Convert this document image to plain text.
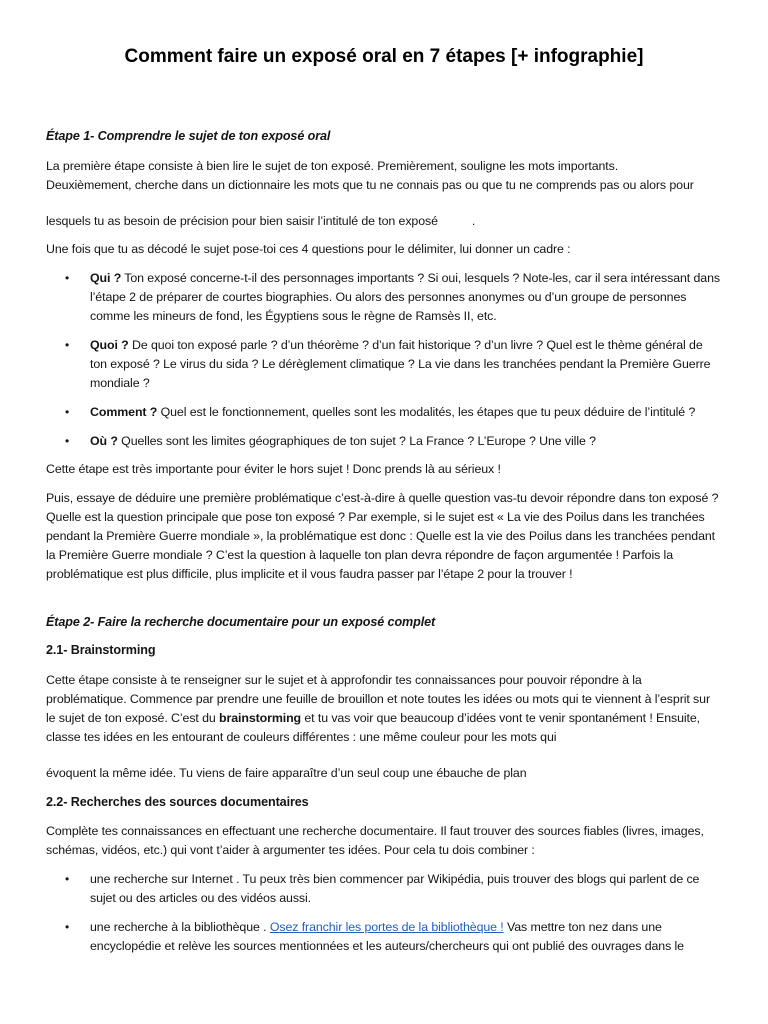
Comment faire un exposé oral en 7 étapes [+ infographie]

Étape 1- Comprendre le sujet de ton exposé oral

La première étape consiste à bien lire le sujet de ton exposé. Premièrement, souligne les mots importants.

Deuxièmement, cherche dans un dictionnaire les mots que tu ne connais pas ou que tu ne comprends pas ou alors pour

lesquels tu as besoin de précision pour bien saisir l’intitulé de ton exposé	.

Une fois que tu as décodé le sujet pose-toi ces 4 questions pour le délimiter, lui donner un cadre :

• Qui ? Ton exposé concerne-t-il des personnages importants ? Si oui, lesquels ? Note-les, car il sera intéressant dans l’étape 2 de préparer de courtes biographies. Ou alors des personnes anonymes ou d’un groupe de personnes comme les mineurs de fond, les Égyptiens sous le règne de Ramsès II, etc.
• Quoi ? De quoi ton exposé parle ? d’un théorème ? d’un fait historique ? d’un livre ? Quel est le thème général de ton exposé ? Le virus du sida ? Le dérèglement climatique ? La vie dans les tranchées pendant la Première Guerre mondiale ?
• Comment ? Quel est le fonctionnement, quelles sont les modalités, les étapes que tu peux déduire de l’intitulé ?
• Où ? Quelles sont les limites géographiques de ton sujet ? La France ? L’Europe ? Une ville ?

Cette étape est très importante pour éviter le hors sujet ! Donc prends là au sérieux !

Puis, essaye de déduire une première problématique c’est-à-dire à quelle question vas-tu devoir répondre dans ton exposé ? Quelle est la question principale que pose ton exposé ? Par exemple, si le sujet est « La vie des Poilus dans les tranchées pendant la Première Guerre mondiale », la problématique est donc : Quelle est la vie des Poilus dans les tranchées pendant la Première Guerre mondiale ? C’est la question à laquelle ton plan devra répondre de façon argumentée ! Parfois la problématique est plus difficile, plus implicite et il vous faudra passer par l’étape 2 pour la trouver !

Étape 2- Faire la recherche documentaire pour un exposé complet

2.1- Brainstorming

Cette étape consiste à te renseigner sur le sujet et à approfondir tes connaissances pour pouvoir répondre à la problématique. Commence par prendre une feuille de brouillon et note toutes les idées ou mots qui te viennent à l’esprit sur le sujet de ton exposé. C’est du brainstorming et tu vas voir que beaucoup d’idées vont te venir spontanément ! Ensuite, classe tes idées en les entourant de couleurs différentes : une même couleur pour les mots qui

évoquent la même idée. Tu viens de faire apparaître d’un seul coup une ébauche de plan

2.2- Recherches des sources documentaires

Complète tes connaissances en effectuant une recherche documentaire. Il faut trouver des sources fiables (livres, images, schémas, vidéos, etc.) qui vont t’aider à argumenter tes idées. Pour cela tu dois combiner :

• une recherche sur Internet . Tu peux très bien commencer par Wikipédia, puis trouver des blogs qui parlent de ce sujet ou des articles ou des vidéos aussi.
• une recherche à la bibliothèque . Osez franchir les portes de la bibliothèque ! Vas mettre ton nez dans une encyclopédie et relève les sources mentionnées et les auteurs/chercheurs qui ont publié des ouvrages dans le
